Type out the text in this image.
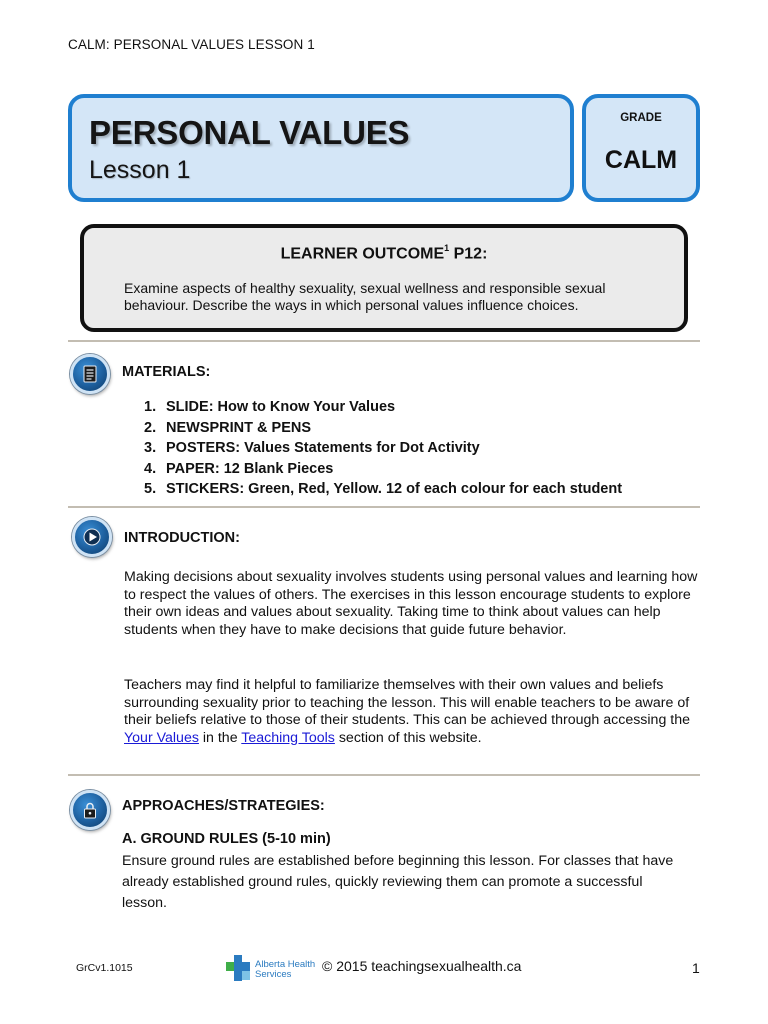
CALM: PERSONAL VALUES LESSON 1
PERSONAL VALUES
Lesson 1
GRADE
CALM
LEARNER OUTCOME$^1$ P12:
Examine aspects of healthy sexuality, sexual wellness and responsible sexual behaviour. Describe the ways in which personal values influence choices.
MATERIALS:
1. SLIDE: How to Know Your Values
2. NEWSPRINT & PENS
3. POSTERS: Values Statements for Dot Activity
4. PAPER: 12 Blank Pieces
5. STICKERS: Green, Red, Yellow. 12 of each colour for each student
INTRODUCTION:
Making decisions about sexuality involves students using personal values and learning how to respect the values of others. The exercises in this lesson encourage students to explore their own ideas and values about sexuality. Taking time to think about values can help students when they have to make decisions that guide future behavior.
Teachers may find it helpful to familiarize themselves with their own values and beliefs surrounding sexuality prior to teaching the lesson. This will enable teachers to be aware of their beliefs relative to those of their students. This can be achieved through accessing the Your Values in the Teaching Tools section of this website.
APPROACHES/STRATEGIES:
A. GROUND RULES (5-10 min)
Ensure ground rules are established before beginning this lesson. For classes that have already established ground rules, quickly reviewing them can promote a successful lesson.
GrCv1.1015	Alberta Health
Services
© 2015 teachingsexualhealth.ca	1
